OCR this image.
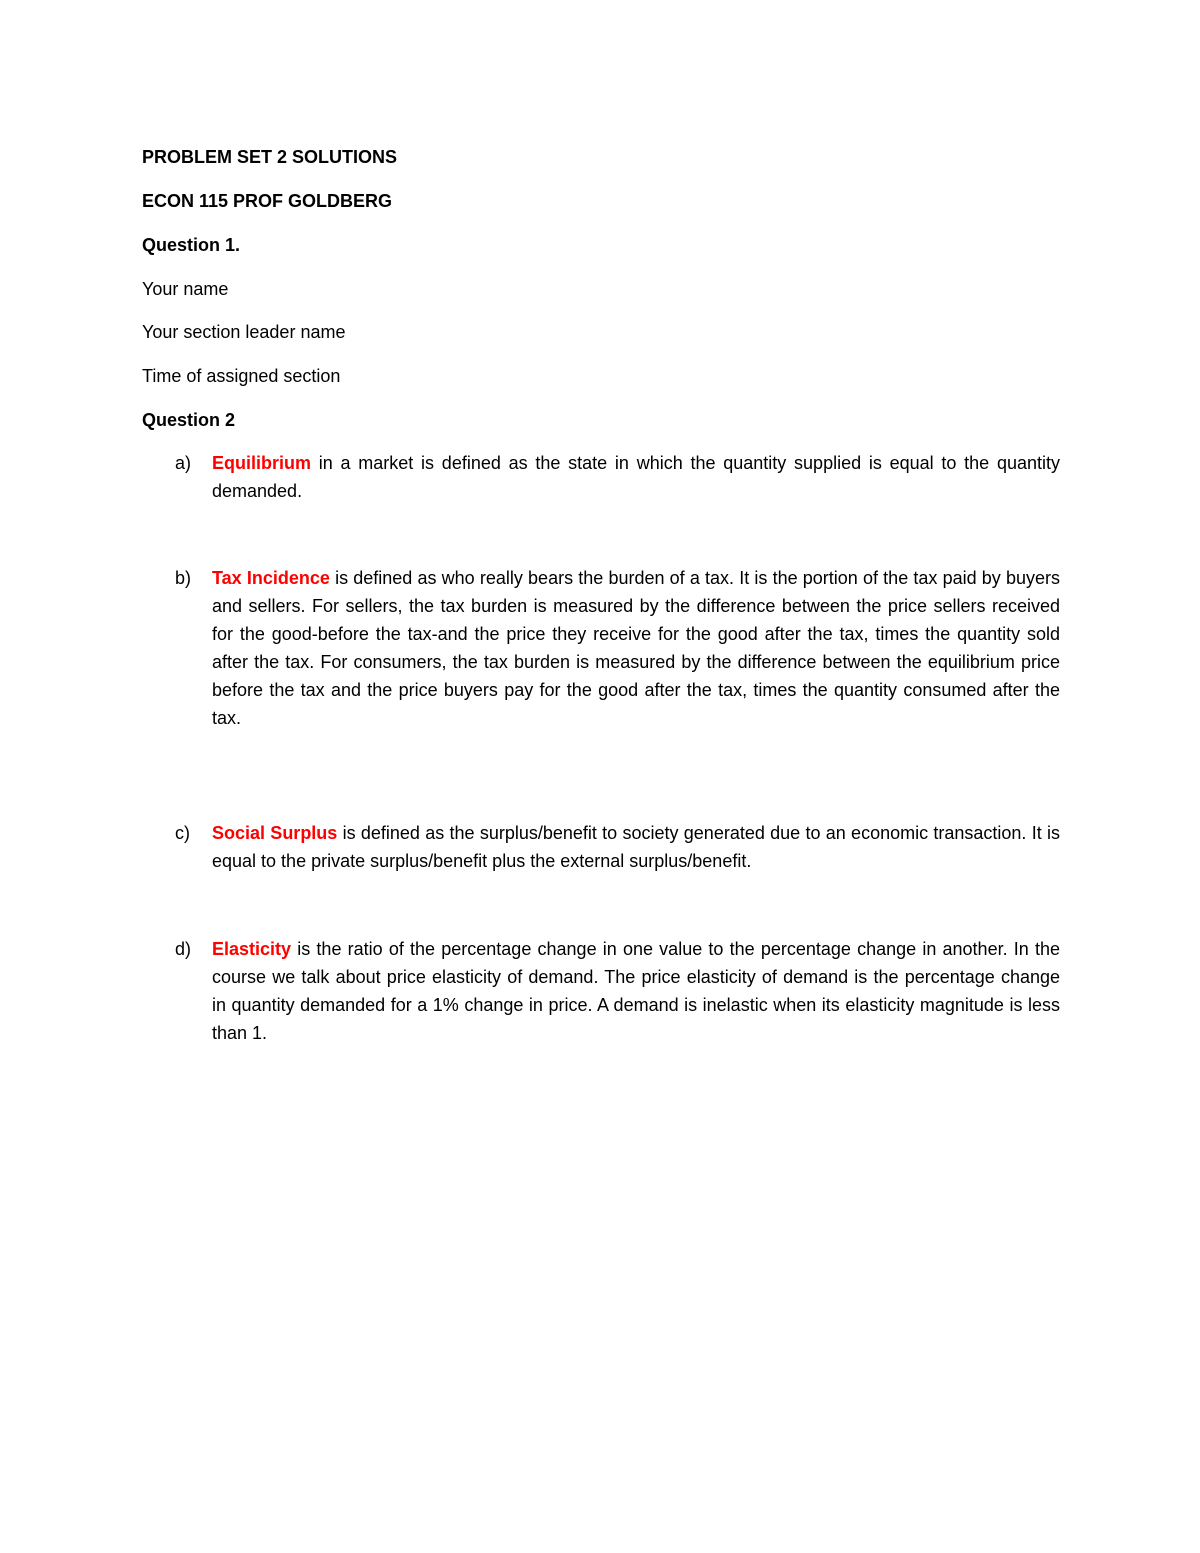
PROBLEM SET 2 SOLUTIONS
ECON 115 PROF GOLDBERG
Question 1.
Your name
Your section leader name
Time of assigned section
Question 2
a) Equilibrium in a market is defined as the state in which the quantity supplied is equal to the quantity demanded.
b) Tax Incidence is defined as who really bears the burden of a tax. It is the portion of the tax paid by buyers and sellers. For sellers, the tax burden is measured by the difference between the price sellers received for the good-before the tax-and the price they receive for the good after the tax, times the quantity sold after the tax. For consumers, the tax burden is measured by the difference between the equilibrium price before the tax and the price buyers pay for the good after the tax, times the quantity consumed after the tax.
c) Social Surplus is defined as the surplus/benefit to society generated due to an economic transaction. It is equal to the private surplus/benefit plus the external surplus/benefit.
d) Elasticity is the ratio of the percentage change in one value to the percentage change in another. In the course we talk about price elasticity of demand. The price elasticity of demand is the percentage change in quantity demanded for a 1% change in price. A demand is inelastic when its elasticity magnitude is less than 1.
